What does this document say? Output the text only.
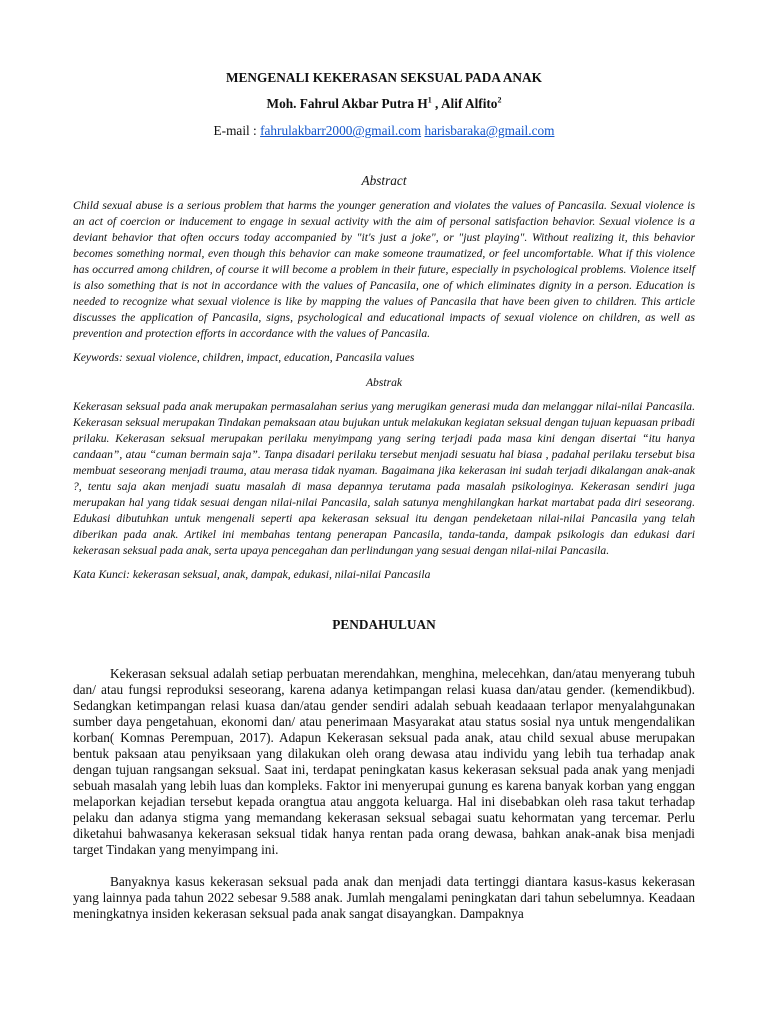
MENGENALI KEKERASAN SEKSUAL PADA ANAK

Moh. Fahrul Akbar Putra $H^1$ , Alif Alfito$^2$

E-mail : fahrulakbarr2000@gmail.com harisbaraka@gmail.com

Abstract

Child sexual abuse is a serious problem that harms the younger generation and violates the values of Pancasila. Sexual violence is an act of coercion or inducement to engage in sexual activity with the aim of personal satisfaction behavior. Sexual violence is a deviant behavior that often occurs today accompanied by "it's just a joke", or "just playing". Without realizing it, this behavior becomes something normal, even though this behavior can make someone traumatized, or feel uncomfortable. What if this violence has occurred among children, of course it will become a problem in their future, especially in psychological problems. Violence itself is also something that is not in accordance with the values of Pancasila, one of which eliminates dignity in a person. Education is needed to recognize what sexual violence is like by mapping the values of Pancasila that have been given to children. This article discusses the application of Pancasila, signs, psychological and educational impacts of sexual violence on children, as well as prevention and protection efforts in accordance with the values of Pancasila.

Keywords: sexual violence, children, impact, education, Pancasila values

Abstrak

Kekerasan seksual pada anak merupakan permasalahan serius yang merugikan generasi muda dan melanggar nilai-nilai Pancasila. Kekerasan seksual merupakan Tindakan pemaksaan atau bujukan untuk melakukan kegiatan seksual dengan tujuan kepuasan pribadi prilaku. Kekerasan seksual merupakan perilaku menyimpang yang sering terjadi pada masa kini dengan disertai “itu hanya candaan”, atau “cuman bermain saja”. Tanpa disadari perilaku tersebut menjadi sesuatu hal biasa , padahal perilaku tersebut bisa membuat seseorang menjadi trauma, atau merasa tidak nyaman. Bagaimana jika kekerasan ini sudah terjadi dikalangan anak-anak ?, tentu saja akan menjadi suatu masalah di masa depannya terutama pada masalah psikologinya. Kekerasan sendiri juga merupakan hal yang tidak sesuai dengan nilai-nilai Pancasila, salah satunya menghilangkan harkat martabat pada diri seseorang. Edukasi dibutuhkan untuk mengenali seperti apa kekerasan seksual itu dengan pendeketaan nilai-nilai Pancasila yang telah diberikan pada anak. Artikel ini membahas tentang penerapan Pancasila, tanda-tanda, dampak psikologis dan edukasi dari kekerasan seksual pada anak, serta upaya pencegahan dan perlindungan yang sesuai dengan nilai-nilai Pancasila.

Kata Kunci: kekerasan seksual, anak, dampak, edukasi, nilai-nilai Pancasila

PENDAHULUAN

Kekerasan seksual adalah setiap perbuatan merendahkan, menghina, melecehkan, dan/atau menyerang tubuh dan/ atau fungsi reproduksi seseorang, karena adanya ketimpangan relasi kuasa dan/atau gender. (kemendikbud). Sedangkan ketimpangan relasi kuasa dan/atau gender sendiri adalah sebuah keadaaan terlapor menyalahgunakan sumber daya pengetahuan, ekonomi dan/ atau penerimaan Masyarakat atau status sosial nya untuk mengendalikan korban( Komnas Perempuan, 2017). Adapun Kekerasan seksual pada anak, atau child sexual abuse merupakan bentuk paksaan atau penyiksaan yang dilakukan oleh orang dewasa atau individu yang lebih tua terhadap anak dengan tujuan rangsangan seksual. Saat ini, terdapat peningkatan kasus kekerasan seksual pada anak yang menjadi sebuah masalah yang lebih luas dan kompleks. Faktor ini menyerupai gunung es karena banyak korban yang enggan melaporkan kejadian tersebut kepada orangtua atau anggota keluarga. Hal ini disebabkan oleh rasa takut terhadap pelaku dan adanya stigma yang memandang kekerasan seksual sebagai suatu kehormatan yang tercemar. Perlu diketahui bahwasanya kekerasan seksual tidak hanya rentan pada orang dewasa, bahkan anak-anak bisa menjadi target Tindakan yang menyimpang ini.

Banyaknya kasus kekerasan seksual pada anak dan menjadi data tertinggi diantara kasus-kasus kekerasan yang lainnya pada tahun 2022 sebesar 9.588 anak. Jumlah mengalami peningkatan dari tahun sebelumnya. Keadaan meningkatnya insiden kekerasan seksual pada anak sangat disayangkan. Dampaknya
